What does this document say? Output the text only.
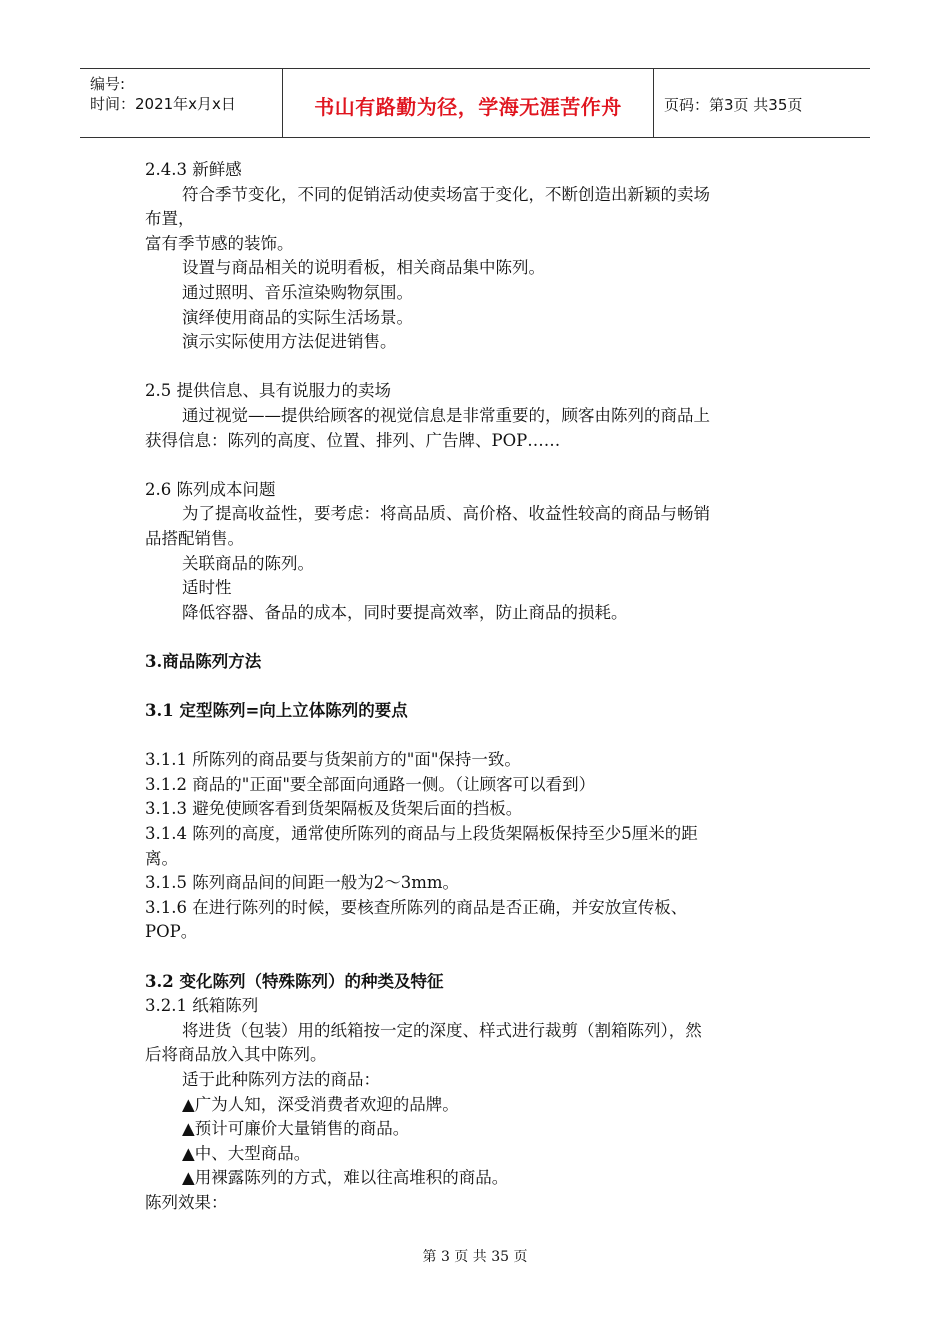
编号:
时间：2021年x月x日	书山有路勤为径，学海无涯苦作舟	页码：第3页 共35页

2.4.3 新鲜感

符合季节变化，不同的促销活动使卖场富于变化，不断创造出新颖的卖场

布置，

富有季节感的装饰。

设置与商品相关的说明看板，相关商品集中陈列。

通过照明、音乐渲染购物氛围。

演绎使用商品的实际生活场景。

演示实际使用方法促进销售。

2.5 提供信息、具有说服力的卖场

通过视觉——提供给顾客的视觉信息是非常重要的，顾客由陈列的商品上

获得信息：陈列的高度、位置、排列、广告牌、POP……

2.6 陈列成本问题

为了提高收益性，要考虑：将高品质、高价格、收益性较高的商品与畅销

品搭配销售。

关联商品的陈列。

适时性

降低容器、备品的成本，同时要提高效率，防止商品的损耗。

3.商品陈列方法

3.1 定型陈列=向上立体陈列的要点

3.1.1 所陈列的商品要与货架前方的"面"保持一致。

3.1.2 商品的"正面"要全部面向通路一侧。（让顾客可以看到）

3.1.3 避免使顾客看到货架隔板及货架后面的挡板。

3.1.4 陈列的高度，通常使所陈列的商品与上段货架隔板保持至少5厘米的距

离。

3.1.5 陈列商品间的间距一般为2～3mm。

3.1.6 在进行陈列的时候，要核查所陈列的商品是否正确，并安放宣传板、

POP。

3.2 变化陈列（特殊陈列）的种类及特征

3.2.1 纸箱陈列

将进货（包装）用的纸箱按一定的深度、样式进行裁剪（割箱陈列），然

后将商品放入其中陈列。

适于此种陈列方法的商品：

▲广为人知，深受消费者欢迎的品牌。

▲预计可廉价大量销售的商品。

▲中、大型商品。

▲用裸露陈列的方式，难以往高堆积的商品。

陈列效果：

第 3 页 共 35 页
